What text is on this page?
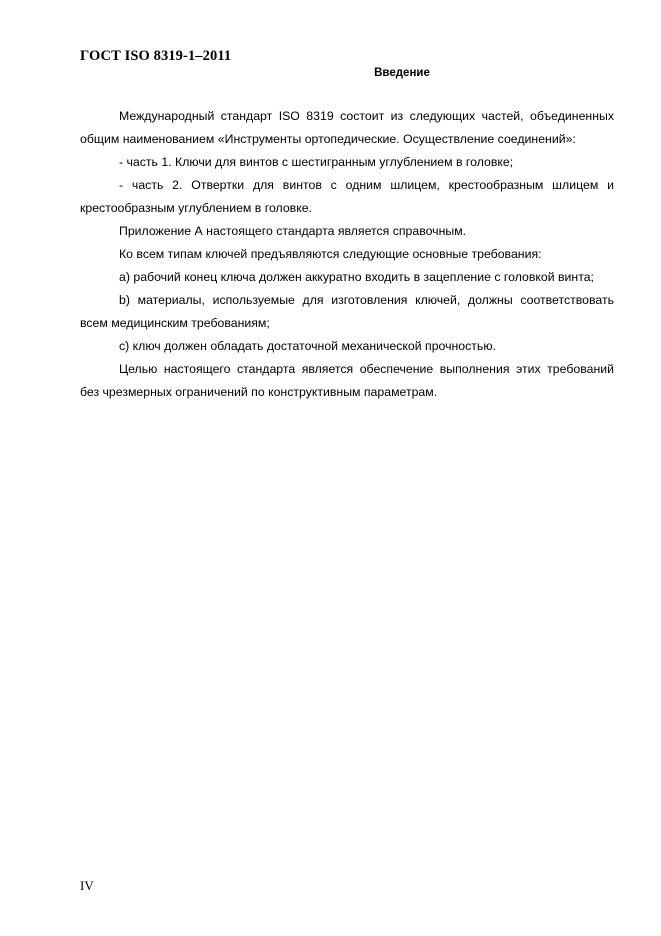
ГОСТ ISO 8319-1–2011
Введение

Международный стандарт ISO 8319 состоит из следующих частей, объединенных общим наименованием «Инструменты ортопедические. Осуществление соединений»:

- часть 1. Ключи для винтов с шестигранным углублением в головке;

- часть 2. Отвертки для винтов с одним шлицем, крестообразным шлицем и крестообразным углублением в головке.

Приложение А настоящего стандарта является справочным.

Ко всем типам ключей предъявляются следующие основные требования:

а) рабочий конец ключа должен аккуратно входить в зацепление с головкой винта;

b) материалы, используемые для изготовления ключей, должны соответствовать всем медицинским требованиям;

с) ключ должен обладать достаточной механической прочностью.

Целью настоящего стандарта является обеспечение выполнения этих требований без чрезмерных ограничений по конструктивным параметрам.

IV
